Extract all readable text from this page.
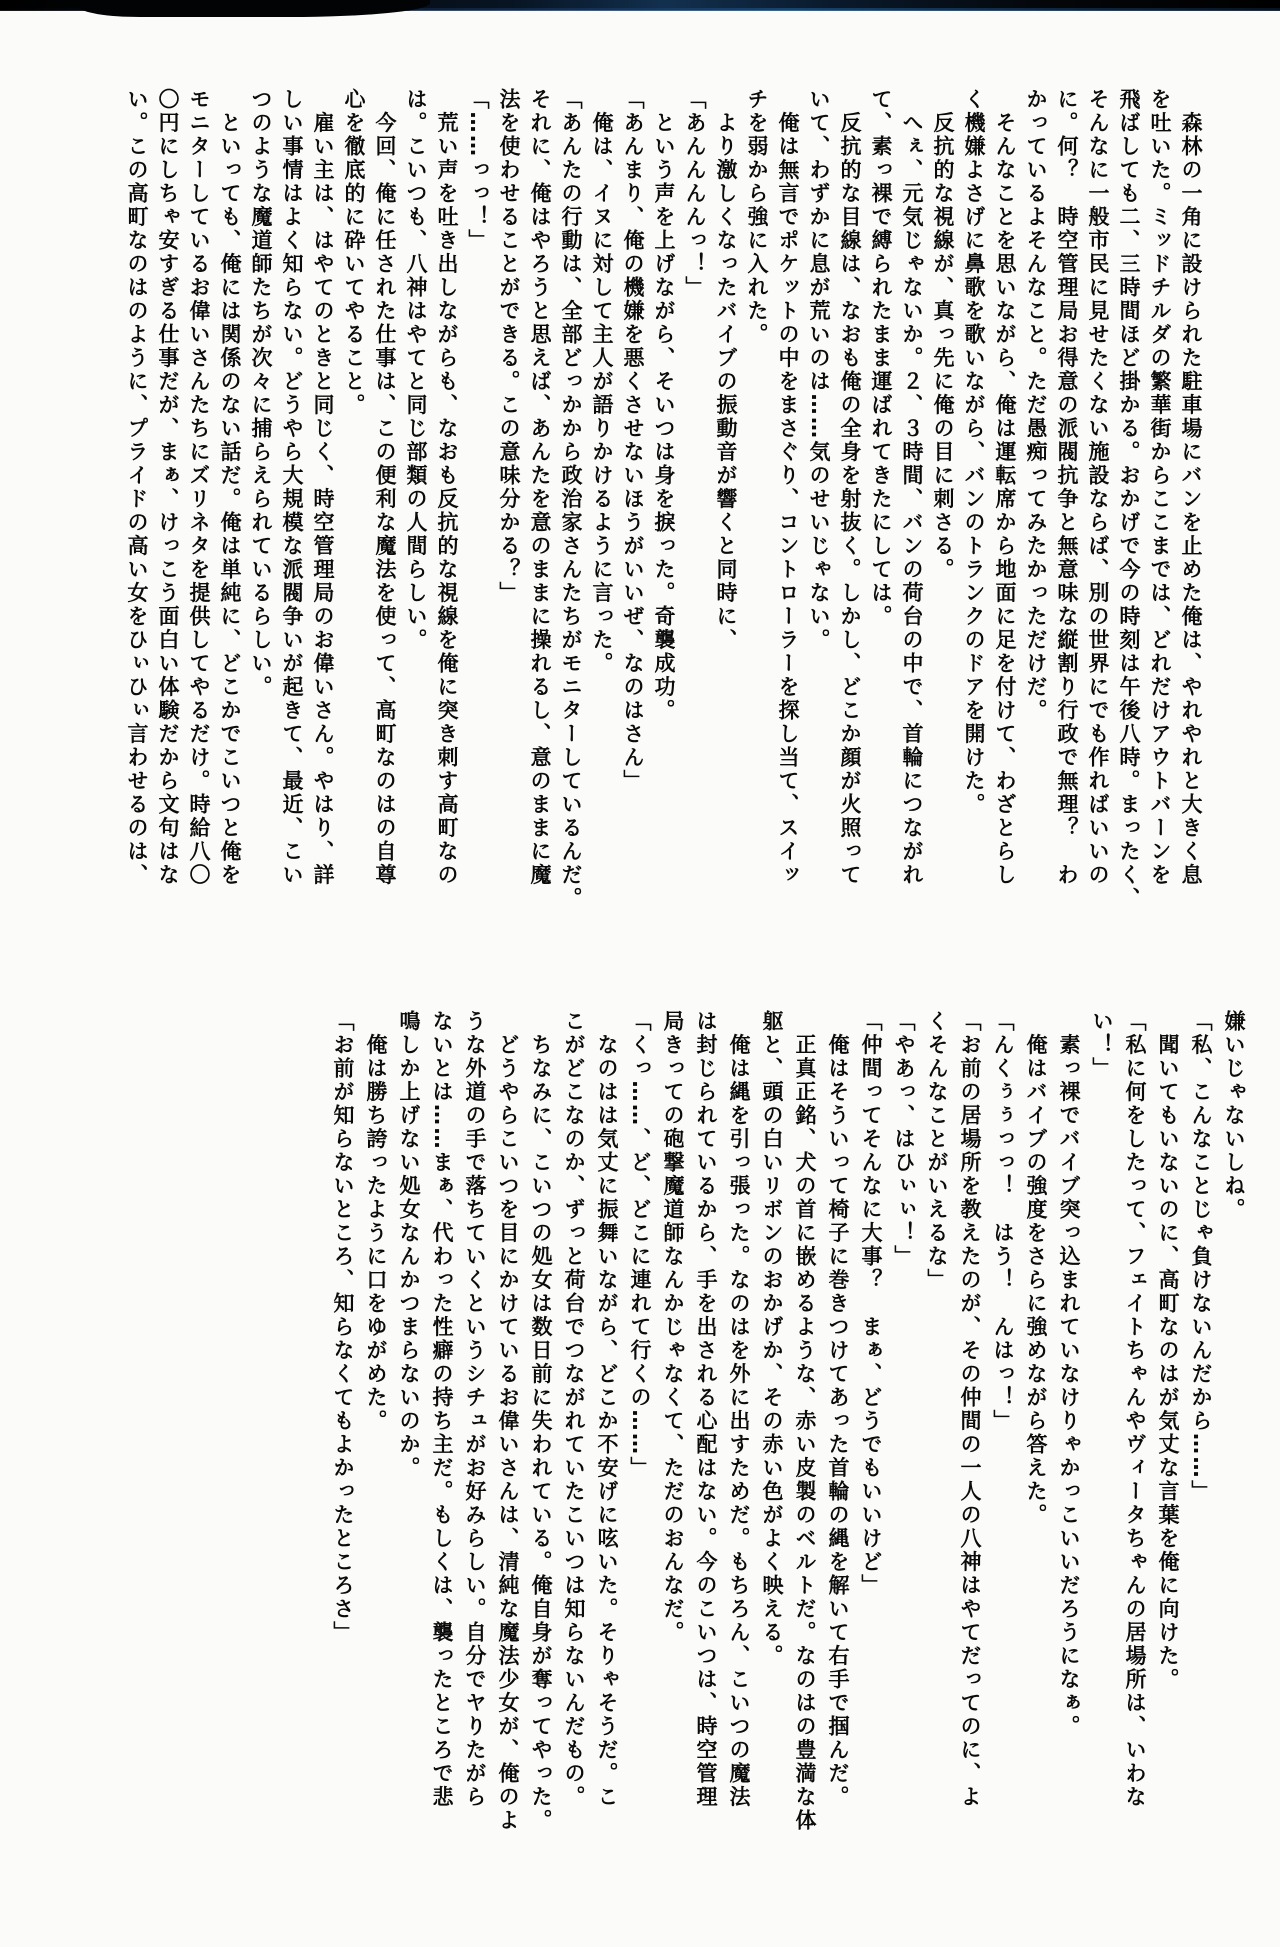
　森林の一角に設けられた駐車場にバンを止めた俺は、やれやれと大きく息

を吐いた。ミッドチルダの繁華街からここまでは、どれだけアウトバーンを

飛ばしても二、三時間ほど掛かる。おかげで今の時刻は午後八時。まったく、

そんなに一般市民に見せたくない施設ならば、別の世界にでも作ればいいの

に。何？　時空管理局お得意の派閥抗争と無意味な縦割り行政で無理？　わ

かっているよそんなこと。ただ愚痴ってみたかっただけだ。

　そんなことを思いながら、俺は運転席から地面に足を付けて、わざとらし

く機嫌よさげに鼻歌を歌いながら、バンのトランクのドアを開けた。

　反抗的な視線が、真っ先に俺の目に刺さる。

　へぇ、元気じゃないか。２、３時間、バンの荷台の中で、首輪につながれ

て、素っ裸で縛られたまま運ばれてきたにしては。

　反抗的な目線は、なおも俺の全身を射抜く。しかし、どこか顔が火照って

いて、わずかに息が荒いのは……気のせいじゃない。

　俺は無言でポケットの中をまさぐり、コントローラーを探し当て、スイッ

チを弱から強に入れた。

　より激しくなったバイブの振動音が響くと同時に、

「あんんんんっ！」

　という声を上げながら、そいつは身を捩った。奇襲成功。

「あんまり、俺の機嫌を悪くさせないほうがいいぜ、なのはさん」

　俺は、イヌに対して主人が語りかけるように言った。

「あんたの行動は、全部どっかから政治家さんたちがモニターしているんだ。

それに、俺はやろうと思えば、あんたを意のままに操れるし、意のままに魔

法を使わせることができる。この意味分かる？」

「……っっ！」

　荒い声を吐き出しながらも、なおも反抗的な視線を俺に突き刺す高町なの

は。こいつも、八神はやてと同じ部類の人間らしい。

　今回、俺に任された仕事は、この便利な魔法を使って、高町なのはの自尊

心を徹底的に砕いてやること。

　雇い主は、はやてのときと同じく、時空管理局のお偉いさん。やはり、詳

しい事情はよく知らない。どうやら大規模な派閥争いが起きて、最近、こい

つのような魔道師たちが次々に捕らえられているらしい。

　といっても、俺には関係のない話だ。俺は単純に、どこかでこいつと俺を

モニターしているお偉いさんたちにズリネタを提供してやるだけ。時給八〇

〇円にしちゃ安すぎる仕事だが、まぁ、けっこう面白い体験だから文句はな

い。この高町なのはのように、プライドの高い女をひぃひぃ言わせるのは、

嫌いじゃないしね。

「私、こんなことじゃ負けないんだから……」

　聞いてもいないのに、高町なのはが気丈な言葉を俺に向けた。

「私に何をしたって、フェイトちゃんやヴィータちゃんの居場所は、いわな

い！」

　素っ裸でバイブ突っ込まれていなけりゃかっこいいだろうになぁ。

　俺はバイブの強度をさらに強めながら答えた。

「んくぅぅっっ！　はう！　んはっ！」

「お前の居場所を教えたのが、その仲間の一人の八神はやてだってのに、よ

くそんなことがいえるな」

「やあっ、はひぃぃ！」

「仲間ってそんなに大事？　まぁ、どうでもいいけど」

　俺はそういって椅子に巻きつけてあった首輪の縄を解いて右手で掴んだ。

　正真正銘、犬の首に嵌めるような、赤い皮製のベルトだ。なのはの豊満な体

躯と、頭の白いリボンのおかげか、その赤い色がよく映える。

　俺は縄を引っ張った。なのはを外に出すためだ。もちろん、こいつの魔法

は封じられているから、手を出される心配はない。今のこいつは、時空管理

局きっての砲撃魔道師なんかじゃなくて、ただのおんなだ。

「くっ……、ど、どこに連れて行くの……」

　なのはは気丈に振舞いながら、どこか不安げに呟いた。そりゃそうだ。こ

こがどこなのか、ずっと荷台でつながれていたこいつは知らないんだもの。

　ちなみに、こいつの処女は数日前に失われている。俺自身が奪ってやった。

　どうやらこいつを目にかけているお偉いさんは、清純な魔法少女が、俺のよ

うな外道の手で落ちていくというシチュがお好みらしい。自分でヤりたがら

ないとは……まぁ、代わった性癖の持ち主だ。もしくは、襲ったところで悲

鳴しか上げない処女なんかつまらないのか。

　俺は勝ち誇ったように口をゆがめた。

「お前が知らないところ、知らなくてもよかったところさ」
